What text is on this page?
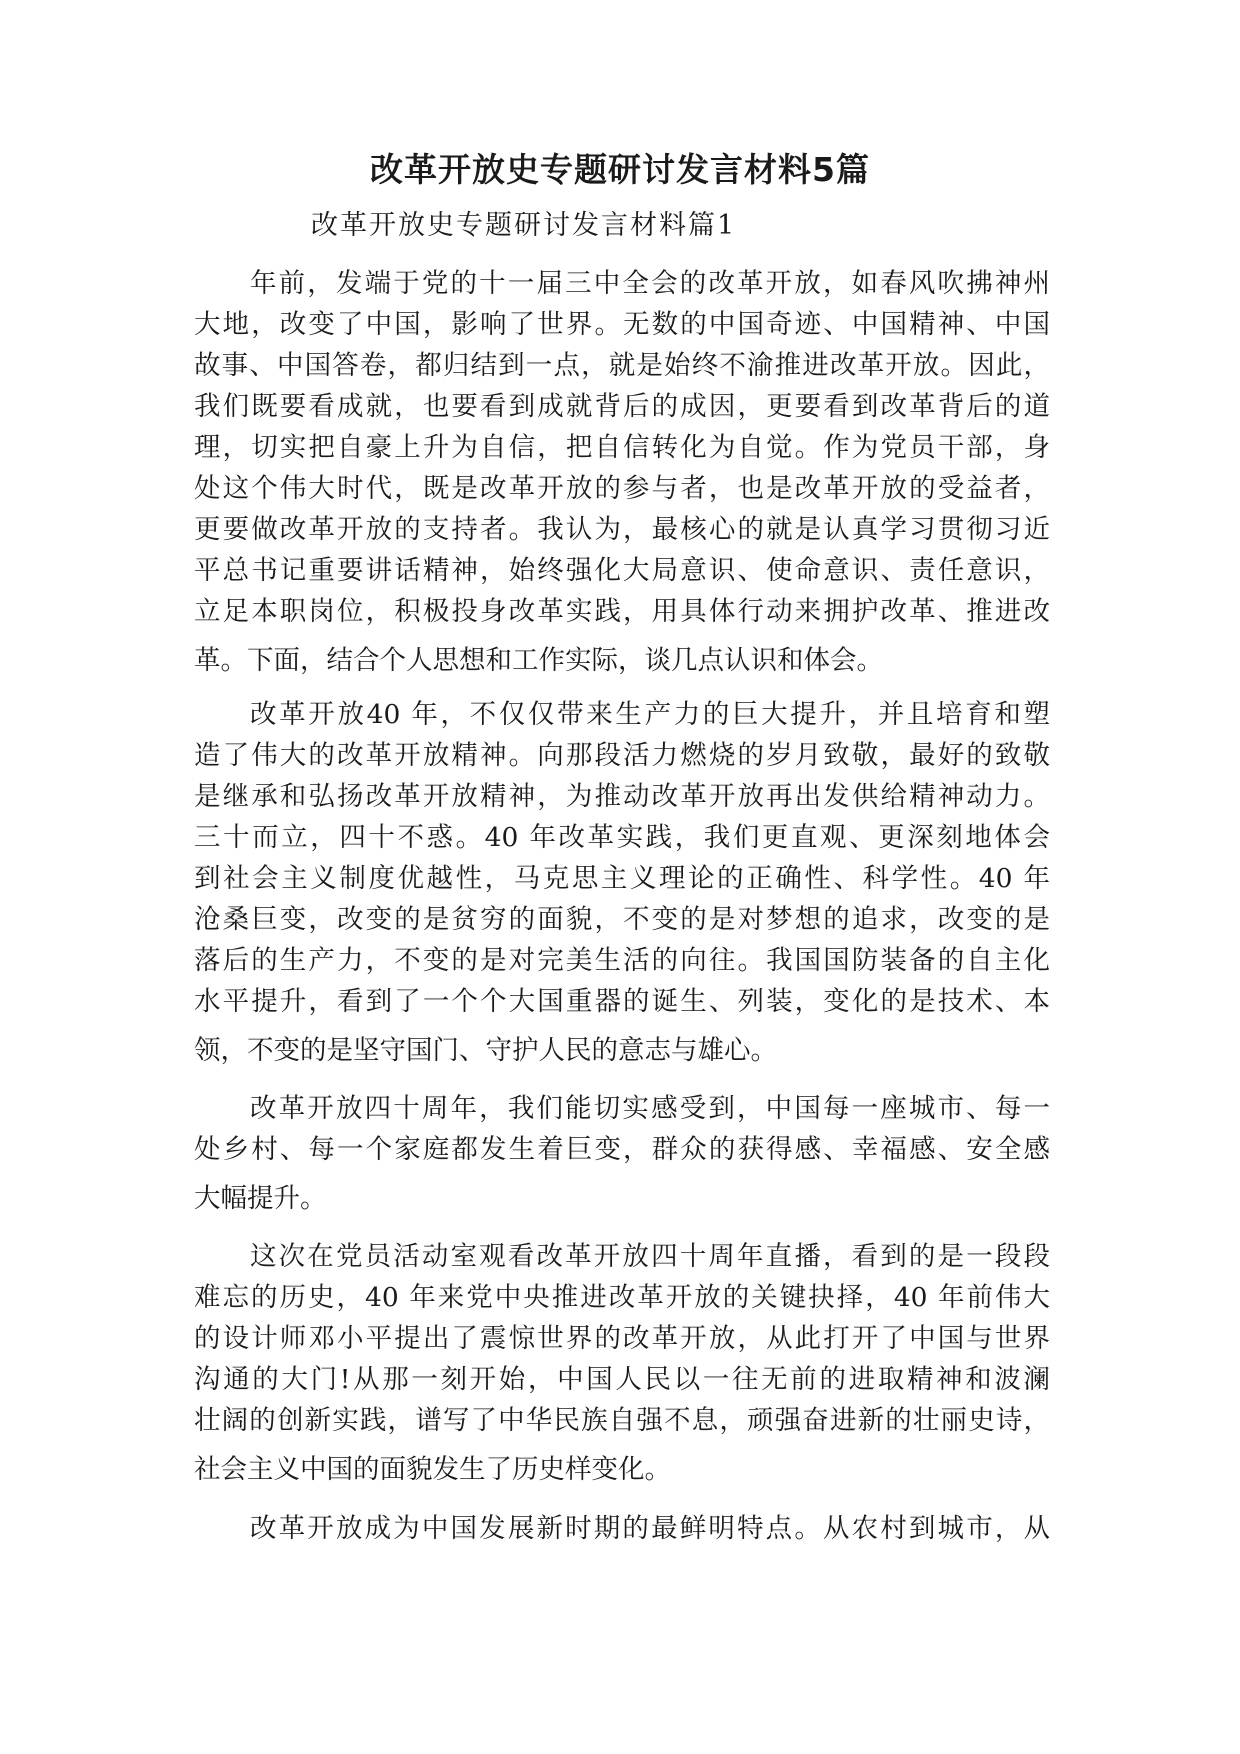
改革开放史专题研讨发言材料5篇
改革开放史专题研讨发言材料篇1
年前，发端于党的十一届三中全会的改革开放，如春风吹拂神州
大地，改变了中国，影响了世界。无数的中国奇迹、中国精神、中国
故事、中国答卷，都归结到一点，就是始终不渝推进改革开放。因此，
我们既要看成就，也要看到成就背后的成因，更要看到改革背后的道
理，切实把自豪上升为自信，把自信转化为自觉。作为党员干部，身
处这个伟大时代，既是改革开放的参与者，也是改革开放的受益者，
更要做改革开放的支持者。我认为，最核心的就是认真学习贯彻习近
平总书记重要讲话精神，始终强化大局意识、使命意识、责任意识，
立足本职岗位，积极投身改革实践，用具体行动来拥护改革、推进改
革。下面，结合个人思想和工作实际，谈几点认识和体会。
改革开放40 年，不仅仅带来生产力的巨大提升，并且培育和塑
造了伟大的改革开放精神。向那段活力燃烧的岁月致敬，最好的致敬
是继承和弘扬改革开放精神，为推动改革开放再出发供给精神动力。
三十而立，四十不惑。40 年改革实践，我们更直观、更深刻地体会
到社会主义制度优越性，马克思主义理论的正确性、科学性。40 年
沧桑巨变，改变的是贫穷的面貌，不变的是对梦想的追求，改变的是
落后的生产力，不变的是对完美生活的向往。我国国防装备的自主化
水平提升，看到了一个个大国重器的诞生、列装，变化的是技术、本
领，不变的是坚守国门、守护人民的意志与雄心。
改革开放四十周年，我们能切实感受到，中国每一座城市、每一
处乡村、每一个家庭都发生着巨变，群众的获得感、幸福感、安全感
大幅提升。
这次在党员活动室观看改革开放四十周年直播，看到的是一段段
难忘的历史，40 年来党中央推进改革开放的关键抉择，40 年前伟大
的设计师邓小平提出了震惊世界的改革开放，从此打开了中国与世界
沟通的大门!从那一刻开始，中国人民以一往无前的进取精神和波澜
壮阔的创新实践，谱写了中华民族自强不息，顽强奋进新的壮丽史诗，
社会主义中国的面貌发生了历史样变化。
改革开放成为中国发展新时期的最鲜明特点。从农村到城市，从
